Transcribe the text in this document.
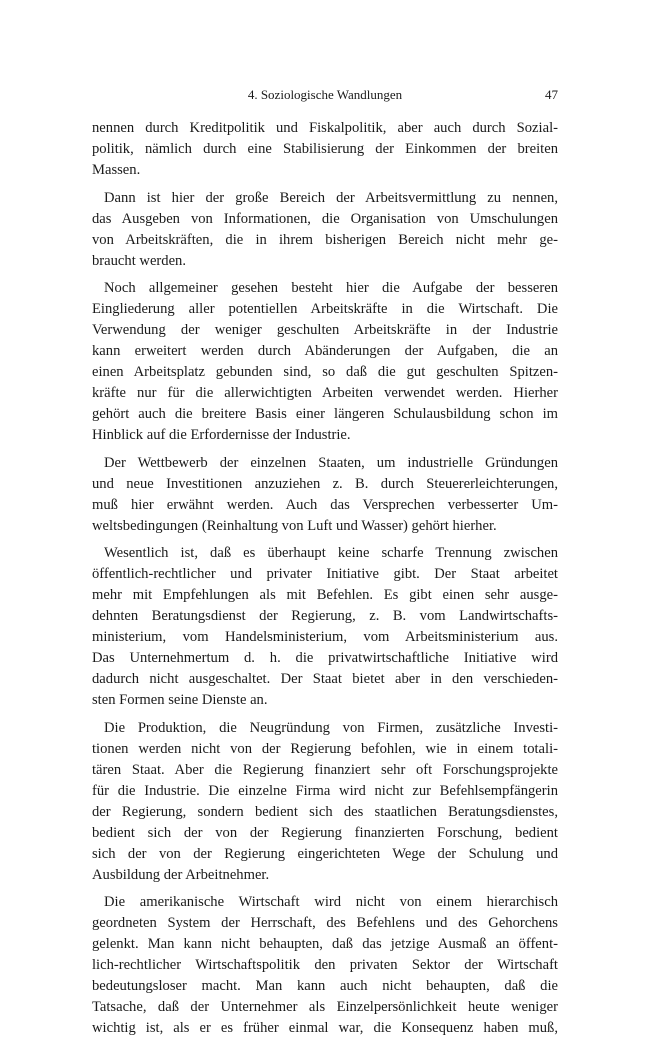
4. Soziologische Wandlungen	47
nennen durch Kreditpolitik und Fiskalpolitik, aber auch durch Sozial-
politik, nämlich durch eine Stabilisierung der Einkommen der breiten
Massen.
Dann ist hier der große Bereich der Arbeitsvermittlung zu nennen,
das Ausgeben von Informationen, die Organisation von Umschulungen
von Arbeitskräften, die in ihrem bisherigen Bereich nicht mehr ge-
braucht werden.
Noch allgemeiner gesehen besteht hier die Aufgabe der besseren
Eingliederung aller potentiellen Arbeitskräfte in die Wirtschaft. Die
Verwendung der weniger geschulten Arbeitskräfte in der Industrie
kann erweitert werden durch Abänderungen der Aufgaben, die an
einen Arbeitsplatz gebunden sind, so daß die gut geschulten Spitzen-
kräfte nur für die allerwichtigten Arbeiten verwendet werden. Hierher
gehört auch die breitere Basis einer längeren Schulausbildung schon im
Hinblick auf die Erfordernisse der Industrie.
Der Wettbewerb der einzelnen Staaten, um industrielle Gründungen
und neue Investitionen anzuziehen z. B. durch Steuererleichterungen,
muß hier erwähnt werden. Auch das Versprechen verbesserter Um-
weltsbedingungen (Reinhaltung von Luft und Wasser) gehört hierher.
Wesentlich ist, daß es überhaupt keine scharfe Trennung zwischen
öffentlich-rechtlicher und privater Initiative gibt. Der Staat arbeitet
mehr mit Empfehlungen als mit Befehlen. Es gibt einen sehr ausge-
dehnten Beratungsdienst der Regierung, z. B. vom Landwirtschafts-
ministerium, vom Handelsministerium, vom Arbeitsministerium aus.
Das Unternehmertum d. h. die privatwirtschaftliche Initiative wird
dadurch nicht ausgeschaltet. Der Staat bietet aber in den verschieden-
sten Formen seine Dienste an.
Die Produktion, die Neugründung von Firmen, zusätzliche Investi-
tionen werden nicht von der Regierung befohlen, wie in einem totali-
tären Staat. Aber die Regierung finanziert sehr oft Forschungsprojekte
für die Industrie. Die einzelne Firma wird nicht zur Befehlsempfängerin
der Regierung, sondern bedient sich des staatlichen Beratungsdienstes,
bedient sich der von der Regierung finanzierten Forschung, bedient
sich der von der Regierung eingerichteten Wege der Schulung und
Ausbildung der Arbeitnehmer.
Die amerikanische Wirtschaft wird nicht von einem hierarchisch
geordneten System der Herrschaft, des Befehlens und des Gehorchens
gelenkt. Man kann nicht behaupten, daß das jetzige Ausmaß an öffent-
lich-rechtlicher Wirtschaftspolitik den privaten Sektor der Wirtschaft
bedeutungsloser macht. Man kann auch nicht behaupten, daß die
Tatsache, daß der Unternehmer als Einzelpersönlichkeit heute weniger
wichtig ist, als er es früher einmal war, die Konsequenz haben muß,
